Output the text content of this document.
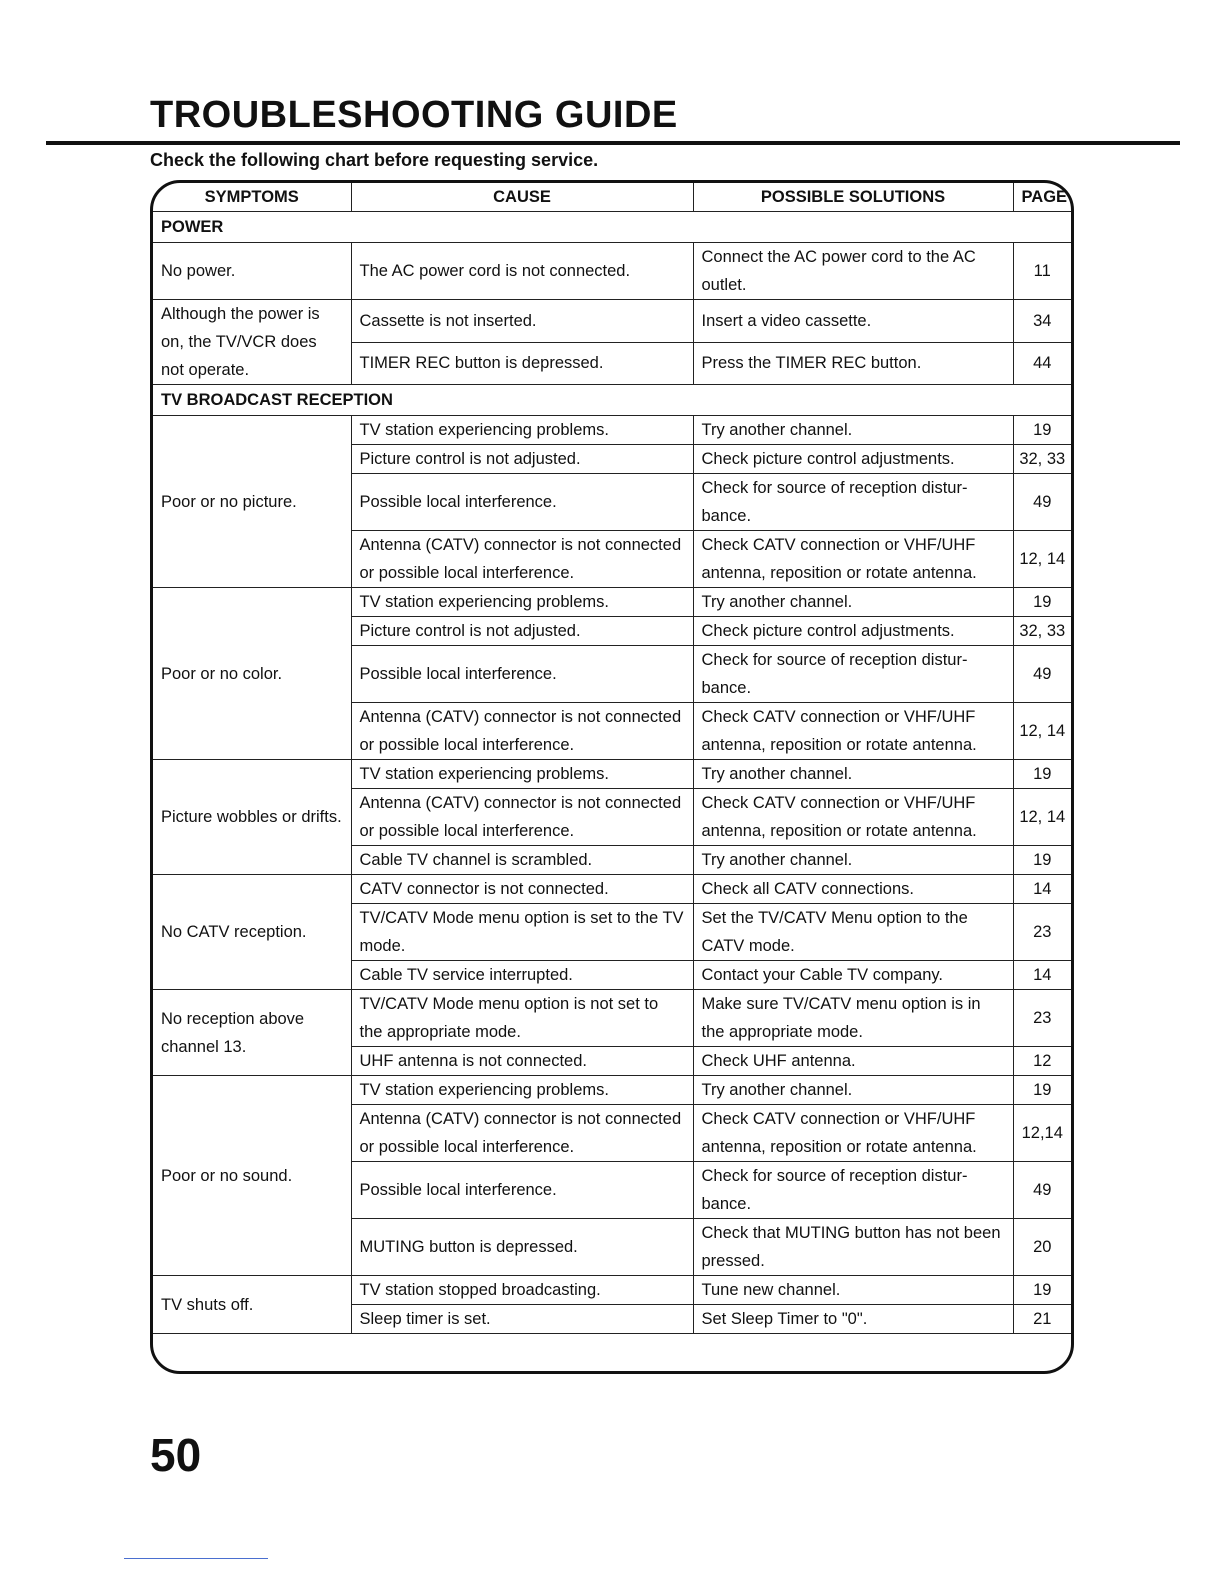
TROUBLESHOOTING GUIDE
Check the following chart before requesting service.
SYMPTOMS	CAUSE	POSSIBLE SOLUTIONS	PAGE
POWER			
No power.	The AC power cord is not connected.	Connect the AC power cord to the AC outlet.	11
Although the power is on, the TV/VCR does not operate.	Cassette is not inserted.	Insert a video cassette.	34
	TIMER REC button is depressed.	Press the TIMER REC button.	44
TV BROADCAST RECEPTION			
Poor or no picture.	TV station experiencing problems.	Try another channel.	19
	Picture control is not adjusted.	Check picture control adjustments.	32, 33
	Possible local interference.	Check for source of reception distur- bance.	49
	Antenna (CATV) connector is not connected or possible local interference.	Check CATV connection or VHF/UHF antenna, reposition or rotate antenna.	12, 14
Poor or no color.	TV station experiencing problems.	Try another channel.	19
	Picture control is not adjusted.	Check picture control adjustments.	32, 33
	Possible local interference.	Check for source of reception distur- bance.	49
	Antenna (CATV) connector is not connected or possible local interference.	Check CATV connection or VHF/UHF antenna, reposition or rotate antenna.	12, 14
Picture wobbles or drifts.	TV station experiencing problems.	Try another channel.	19
	Antenna (CATV) connector is not connected or possible local interference.	Check CATV connection or VHF/UHF antenna, reposition or rotate antenna.	12, 14
	Cable TV channel is scrambled.	Try another channel.	19
No CATV reception.	CATV connector is not connected.	Check all CATV connections.	14
	TV/CATV Mode menu option is set to the TV mode.	Set the TV/CATV Menu option to the CATV mode.	23
	Cable TV service interrupted.	Contact your Cable TV company.	14
No reception above channel 13.	TV/CATV Mode menu option is not set to the appropriate mode.	Make sure TV/CATV menu option is in the appropriate mode.	23
	UHF antenna is not connected.	Check UHF antenna.	12
Poor or no sound.	TV station experiencing problems.	Try another channel.	19
	Antenna (CATV) connector is not connected or possible local interference.	Check CATV connection or VHF/UHF antenna, reposition or rotate antenna.	12,14
	Possible local interference.	Check for source of reception distur- bance.	49
	MUTING button is depressed.	Check that MUTING button has not been pressed.	20
TV shuts off.	TV station stopped broadcasting.	Tune new channel.	19
	Sleep timer is set.	Set Sleep Timer to "0".	21
50
